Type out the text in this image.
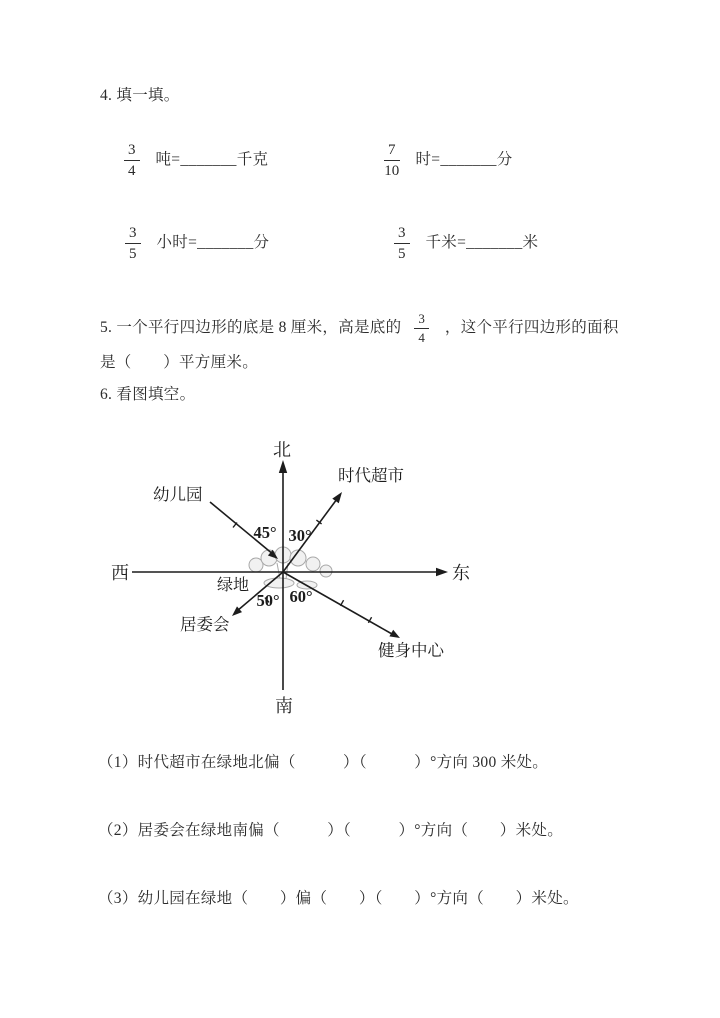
4. 填一填。
$\frac{3}{4}$ 吨=_______千克	$\frac{7}{10}$ 时=_______分
$\frac{3}{5}$ 小时=_______分	$\frac{3}{5}$ 千米=_______米
5. 一个平行四边形的底是 8 厘米，高是底的 $\frac{3}{4}$ ，这个平行四边形的面积
是（　　）平方厘米。
6. 看图填空。
北
南
西	东
时代超市
幼儿园
居委会
健身中心
绿地
45° 30°
50° 60°
（1）时代超市在绿地北偏（　　　）（　　　）°方向 300 米处。
（2）居委会在绿地南偏（　　　）（　　　）°方向（　　）米处。
（3）幼儿园在绿地（　　）偏（　　）（　　）°方向（　　）米处。
